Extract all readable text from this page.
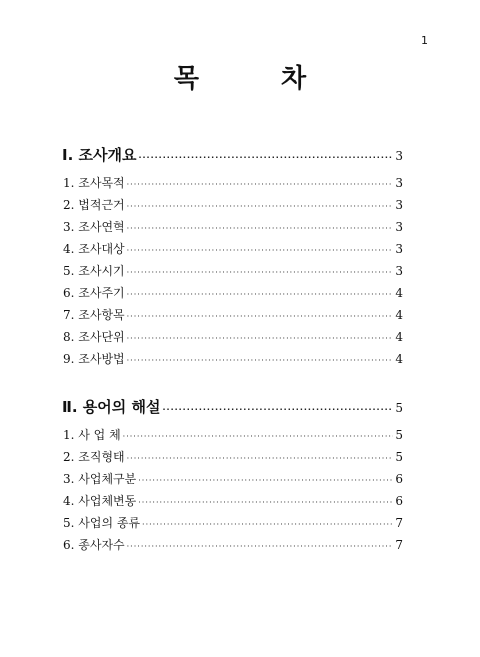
1
목	차
Ⅰ. 조사개요 ·····	3
1. 조사목적 ·····	3
2. 법적근거 ·····	3
3. 조사연혁 ·····	3
4. 조사대상 ·····	3
5. 조사시기 ·····	3
6. 조사주기 ·····	4
7. 조사항목 ·····	4
8. 조사단위 ·····	4
9. 조사방법 ·····	4
Ⅱ. 용어의 해설 ·····	5
1. 사 업 체 ·····	5
2. 조직형태 ·····	5
3. 사업체구분 ·····	6
4. 사업체변동 ·····	6
5. 사업의 종류 ·····	7
6. 종사자수 ·····	7
